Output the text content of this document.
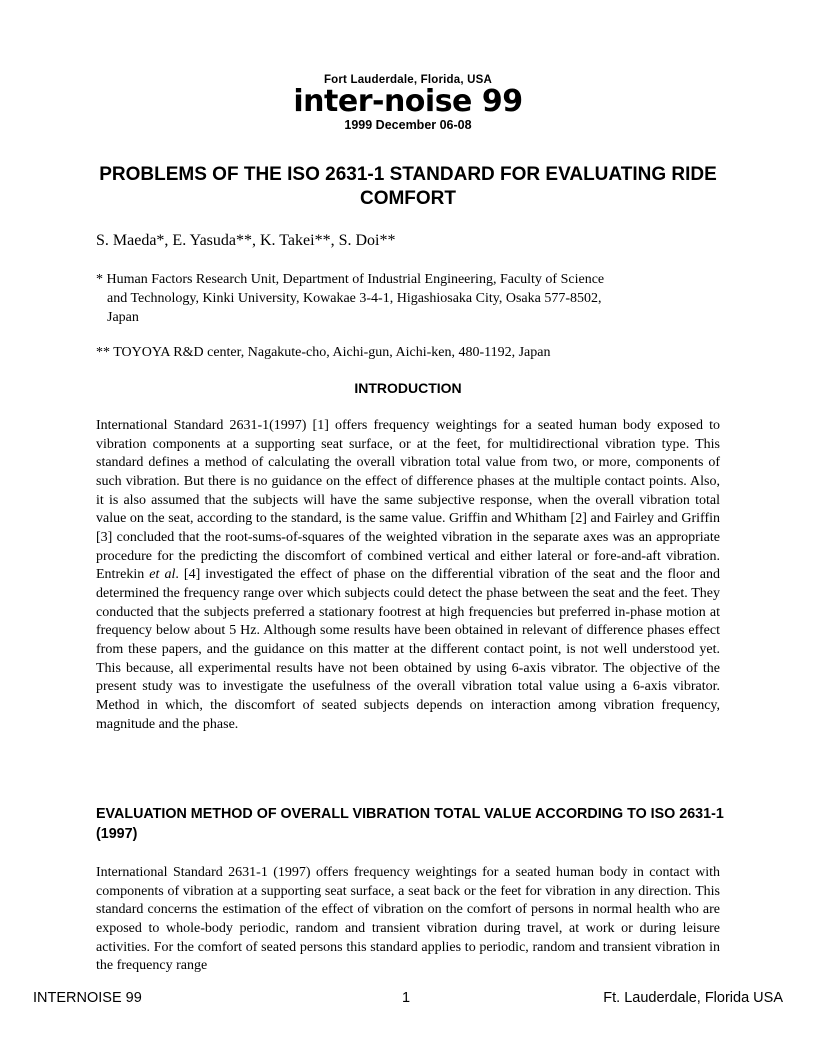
Fort Lauderdale, Florida, USA
inter-noise 99
1999 December 06-08
PROBLEMS OF THE ISO 2631-1 STANDARD FOR EVALUATING RIDE COMFORT

S. Maeda*, E. Yasuda**, K. Takei**, S. Doi**

* Human Factors Research Unit, Department of Industrial Engineering, Faculty of Science
and Technology, Kinki University, Kowakae 3-4-1, Higashiosaka City, Osaka 577-8502,
Japan
** TOYOYA R&D center, Nagakute-cho, Aichi-gun, Aichi-ken, 480-1192, Japan
INTRODUCTION

International Standard 2631-1(1997) [1] offers frequency weightings for a seated human body exposed to vibration components at a supporting seat surface, or at the feet, for multidirectional vibration type. This standard defines a method of calculating the overall vibration total value from two, or more, components of such vibration. But there is no guidance on the effect of difference phases at the multiple contact points. Also, it is also assumed that the subjects will have the same subjective response, when the overall vibration total value on the seat, according to the standard, is the same value. Griffin and Whitham [2] and Fairley and Griffin [3] concluded that the root-sums-of-squares of the weighted vibration in the separate axes was an appropriate procedure for the predicting the discomfort of combined vertical and either lateral or fore-and-aft vibration. Entrekin et al. [4] investigated the effect of phase on the differential vibration of the seat and the floor and determined the frequency range over which subjects could detect the phase between the seat and the feet. They conducted that the subjects preferred a stationary footrest at high frequencies but preferred in-phase motion at frequency below about 5 Hz. Although some results have been obtained in relevant of difference phases effect from these papers, and the guidance on this matter at the different contact point, is not well understood yet. This because, all experimental results have not been obtained by using 6-axis vibrator. The objective of the present study was to investigate the usefulness of the overall vibration total value using a 6-axis vibrator. Method in which, the discomfort of seated subjects depends on interaction among vibration frequency, magnitude and the phase.

EVALUATION METHOD OF OVERALL VIBRATION TOTAL VALUE ACCORDING TO ISO 2631-1 (1997)

International Standard 2631-1 (1997) offers frequency weightings for a seated human body in contact with components of vibration at a supporting seat surface, a seat back or the feet for vibration in any direction. This standard concerns the estimation of the effect of vibration on the comfort of persons in normal health who are exposed to whole-body periodic, random and transient vibration during travel, at work or during leisure activities. For the comfort of seated persons this standard applies to periodic, random and transient vibration in the frequency range

INTERNOISE 99	1	Ft. Lauderdale, Florida USA
